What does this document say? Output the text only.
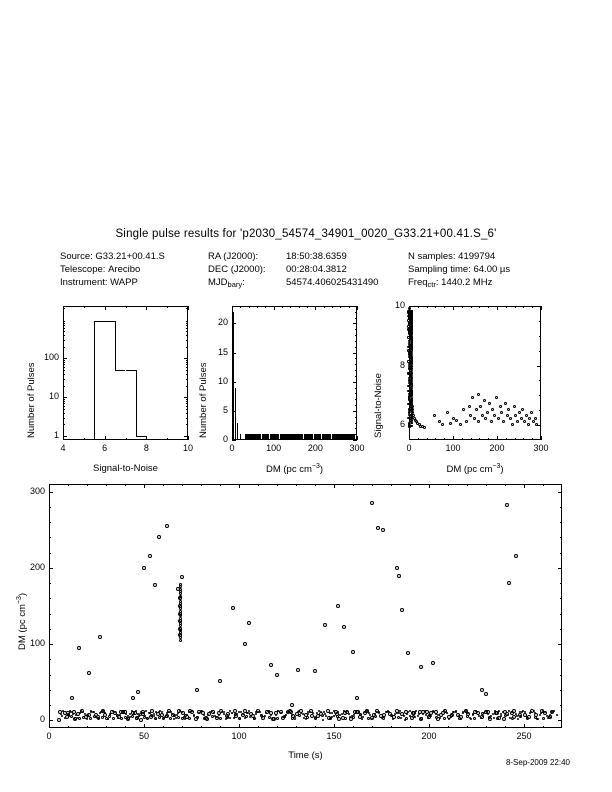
Single pulse results for 'p2030_54574_34901_0020_G33.21+00.41.S_6'
Source: G33.21+00.41.S
Telescope: Arecibo
Instrument: WAPP
RA (J2000):	18:50:38.6359
DEC (J2000): 00:28:04.3812
$MJD_{bary}$:	54574.406025431490
N samples: 4199794
Sampling time: 64.00 µs
Freq$_{ctr}$: 1440.2 MHz
Number of Pulses
Signal-to-Noise
4	6	8	10
1
10
100
Number of Pulses
DM (pc $cm^{-3}$)
0	100	200	300
0
5
10
15
20
Signal-to-Noise
DM (pc $cm^{-3}$)
0	100	200	300
6
8
10
DM (pc $cm^{-3}$)
Time (s)
0	50	100	150	200	250
0
100
200
300
8-Sep-2009 22:40
